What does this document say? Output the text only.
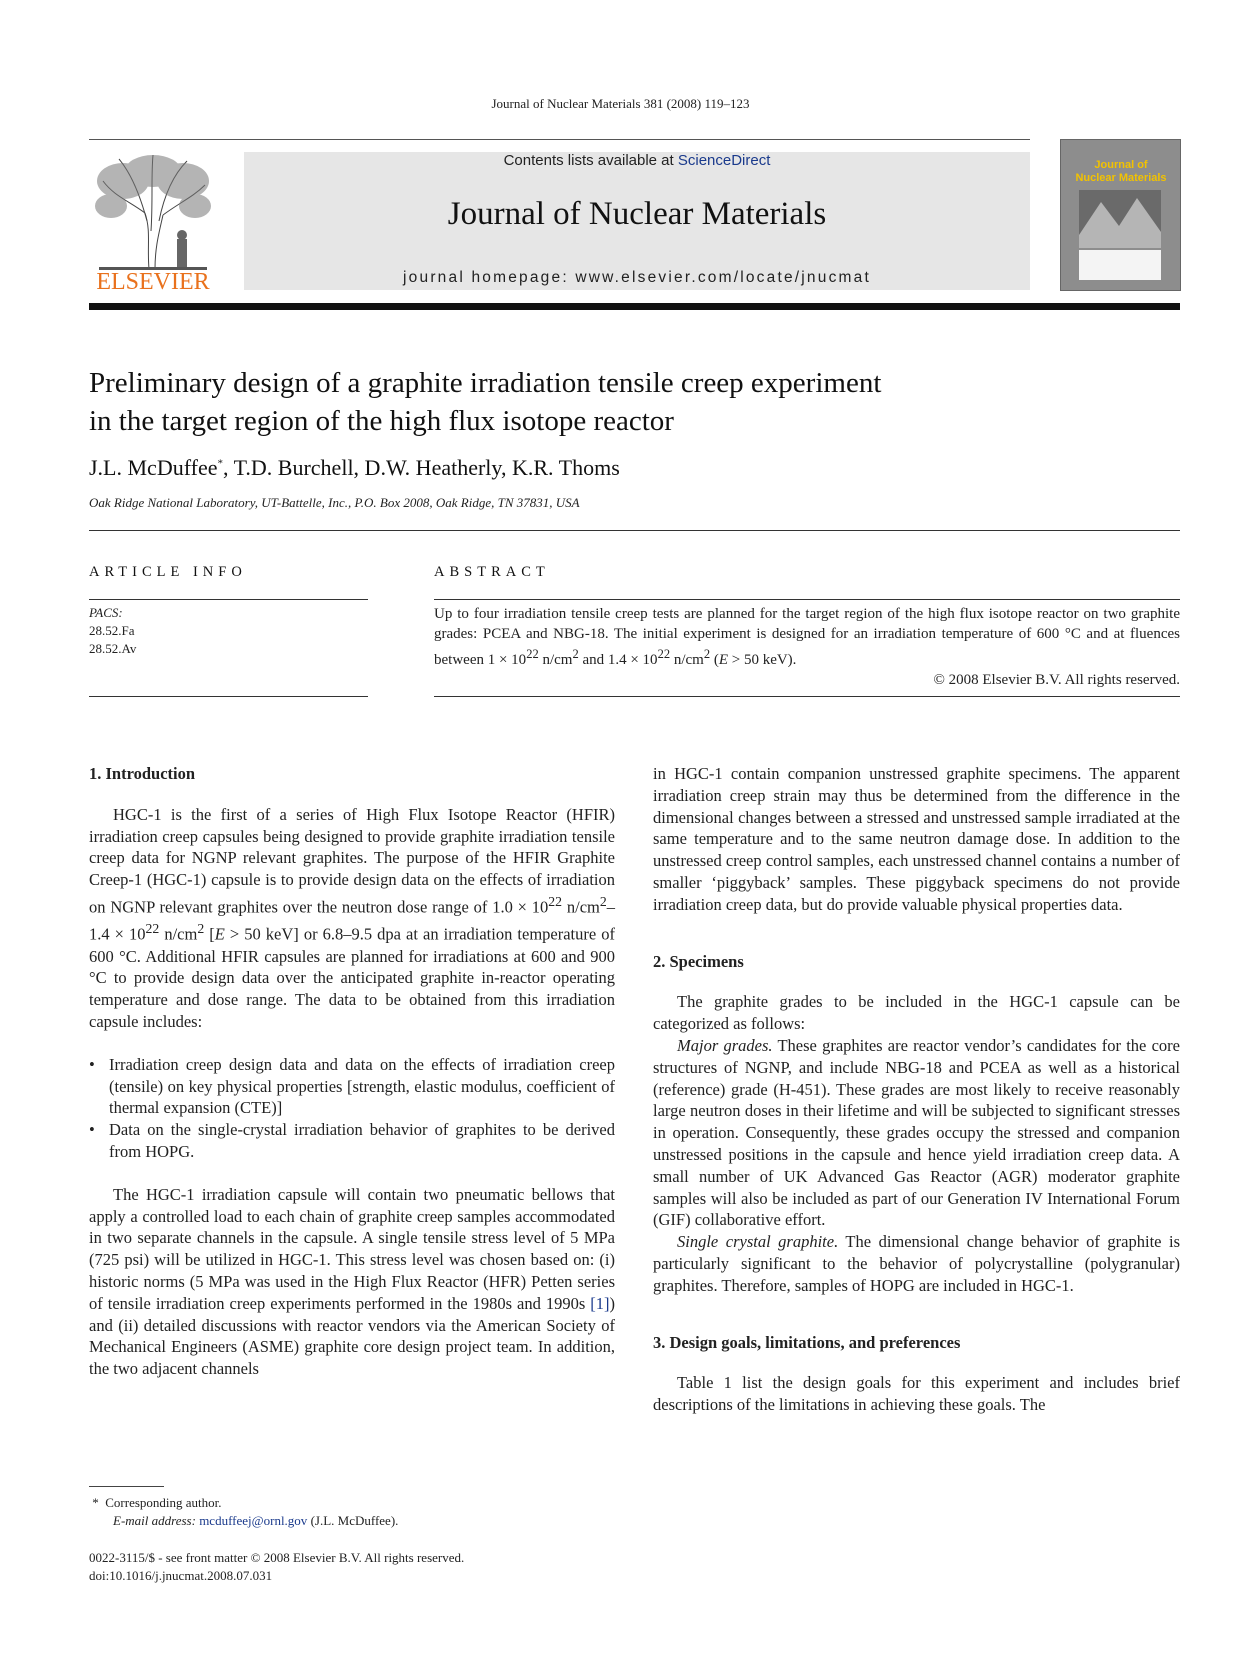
Journal of Nuclear Materials 381 (2008) 119–123
ELSEVIER
Contents lists available at ScienceDirect
Journal of Nuclear Materials
journal homepage: www.elsevier.com/locate/jnucmat
Journal of
Nuclear Materials
Preliminary design of a graphite irradiation tensile creep experiment
in the target region of the high flux isotope reactor
J.L. McDuffee*, T.D. Burchell, D.W. Heatherly, K.R. Thoms
Oak Ridge National Laboratory, UT-Battelle, Inc., P.O. Box 2008, Oak Ridge, TN 37831, USA
ARTICLE INFO	ABSTRACT
PACS:
28.52.Fa
28.52.Av
Up to four irradiation tensile creep tests are planned for the target region of the high flux isotope reactor on two graphite grades: PCEA and NBG-18. The initial experiment is designed for an irradiation temperature of 600 °C and at fluences between $1 \times 10^{22}$ $n/cm^2$ and $1.4 \times 10^{22}$ $n/cm^2$ (E > 50 keV).
© 2008 Elsevier B.V. All rights reserved.
1. Introduction

HGC-1 is the first of a series of High Flux Isotope Reactor (HFIR) irradiation creep capsules being designed to provide graphite irradiation tensile creep data for NGNP relevant graphites. The purpose of the HFIR Graphite Creep-1 (HGC-1) capsule is to provide design data on the effects of irradiation on NGNP relevant graphites over the neutron dose range of $1.0 \times 10^{22}$ $n/cm^2-1.4 \times 10^{22}$ $n/cm^2$ [E > 50 keV] or 6.8–9.5 dpa at an irradiation temperature of 600 °C. Additional HFIR capsules are planned for irradiations at 600 and 900 °C to provide design data over the anticipated graphite in-reactor operating temperature and dose range. The data to be obtained from this irradiation capsule includes:

• Irradiation creep design data and data on the effects of irradiation creep (tensile) on key physical properties [strength, elastic modulus, coefficient of thermal expansion (CTE)]
• Data on the single-crystal irradiation behavior of graphites to be derived from HOPG.

The HGC-1 irradiation capsule will contain two pneumatic bellows that apply a controlled load to each chain of graphite creep samples accommodated in two separate channels in the capsule. A single tensile stress level of 5 MPa (725 psi) will be utilized in HGC-1. This stress level was chosen based on: (i) historic norms (5 MPa was used in the High Flux Reactor (HFR) Petten series of tensile irradiation creep experiments performed in the 1980s and 1990s [1]) and (ii) detailed discussions with reactor vendors via the American Society of Mechanical Engineers (ASME) graphite core design project team. In addition, the two adjacent channels

in HGC-1 contain companion unstressed graphite specimens. The apparent irradiation creep strain may thus be determined from the difference in the dimensional changes between a stressed and unstressed sample irradiated at the same temperature and to the same neutron damage dose. In addition to the unstressed creep control samples, each unstressed channel contains a number of smaller ‘piggyback’ samples. These piggyback specimens do not provide irradiation creep data, but do provide valuable physical properties data.

2. Specimens

The graphite grades to be included in the HGC-1 capsule can be categorized as follows:

Major grades. These graphites are reactor vendor’s candidates for the core structures of NGNP, and include NBG-18 and PCEA as well as a historical (reference) grade (H-451). These grades are most likely to receive reasonably large neutron doses in their lifetime and will be subjected to significant stresses in operation. Consequently, these grades occupy the stressed and companion unstressed positions in the capsule and hence yield irradiation creep data. A small number of UK Advanced Gas Reactor (AGR) moderator graphite samples will also be included as part of our Generation IV International Forum (GIF) collaborative effort.

Single crystal graphite. The dimensional change behavior of graphite is particularly significant to the behavior of polycrystalline (polygranular) graphites. Therefore, samples of HOPG are included in HGC-1.

3. Design goals, limitations, and preferences

Table 1 list the design goals for this experiment and includes brief descriptions of the limitations in achieving these goals. The

* Corresponding author.
E-mail address: mcduffeej@ornl.gov (J.L. McDuffee).
0022-3115/$ - see front matter © 2008 Elsevier B.V. All rights reserved.
doi:10.1016/j.jnucmat.2008.07.031
